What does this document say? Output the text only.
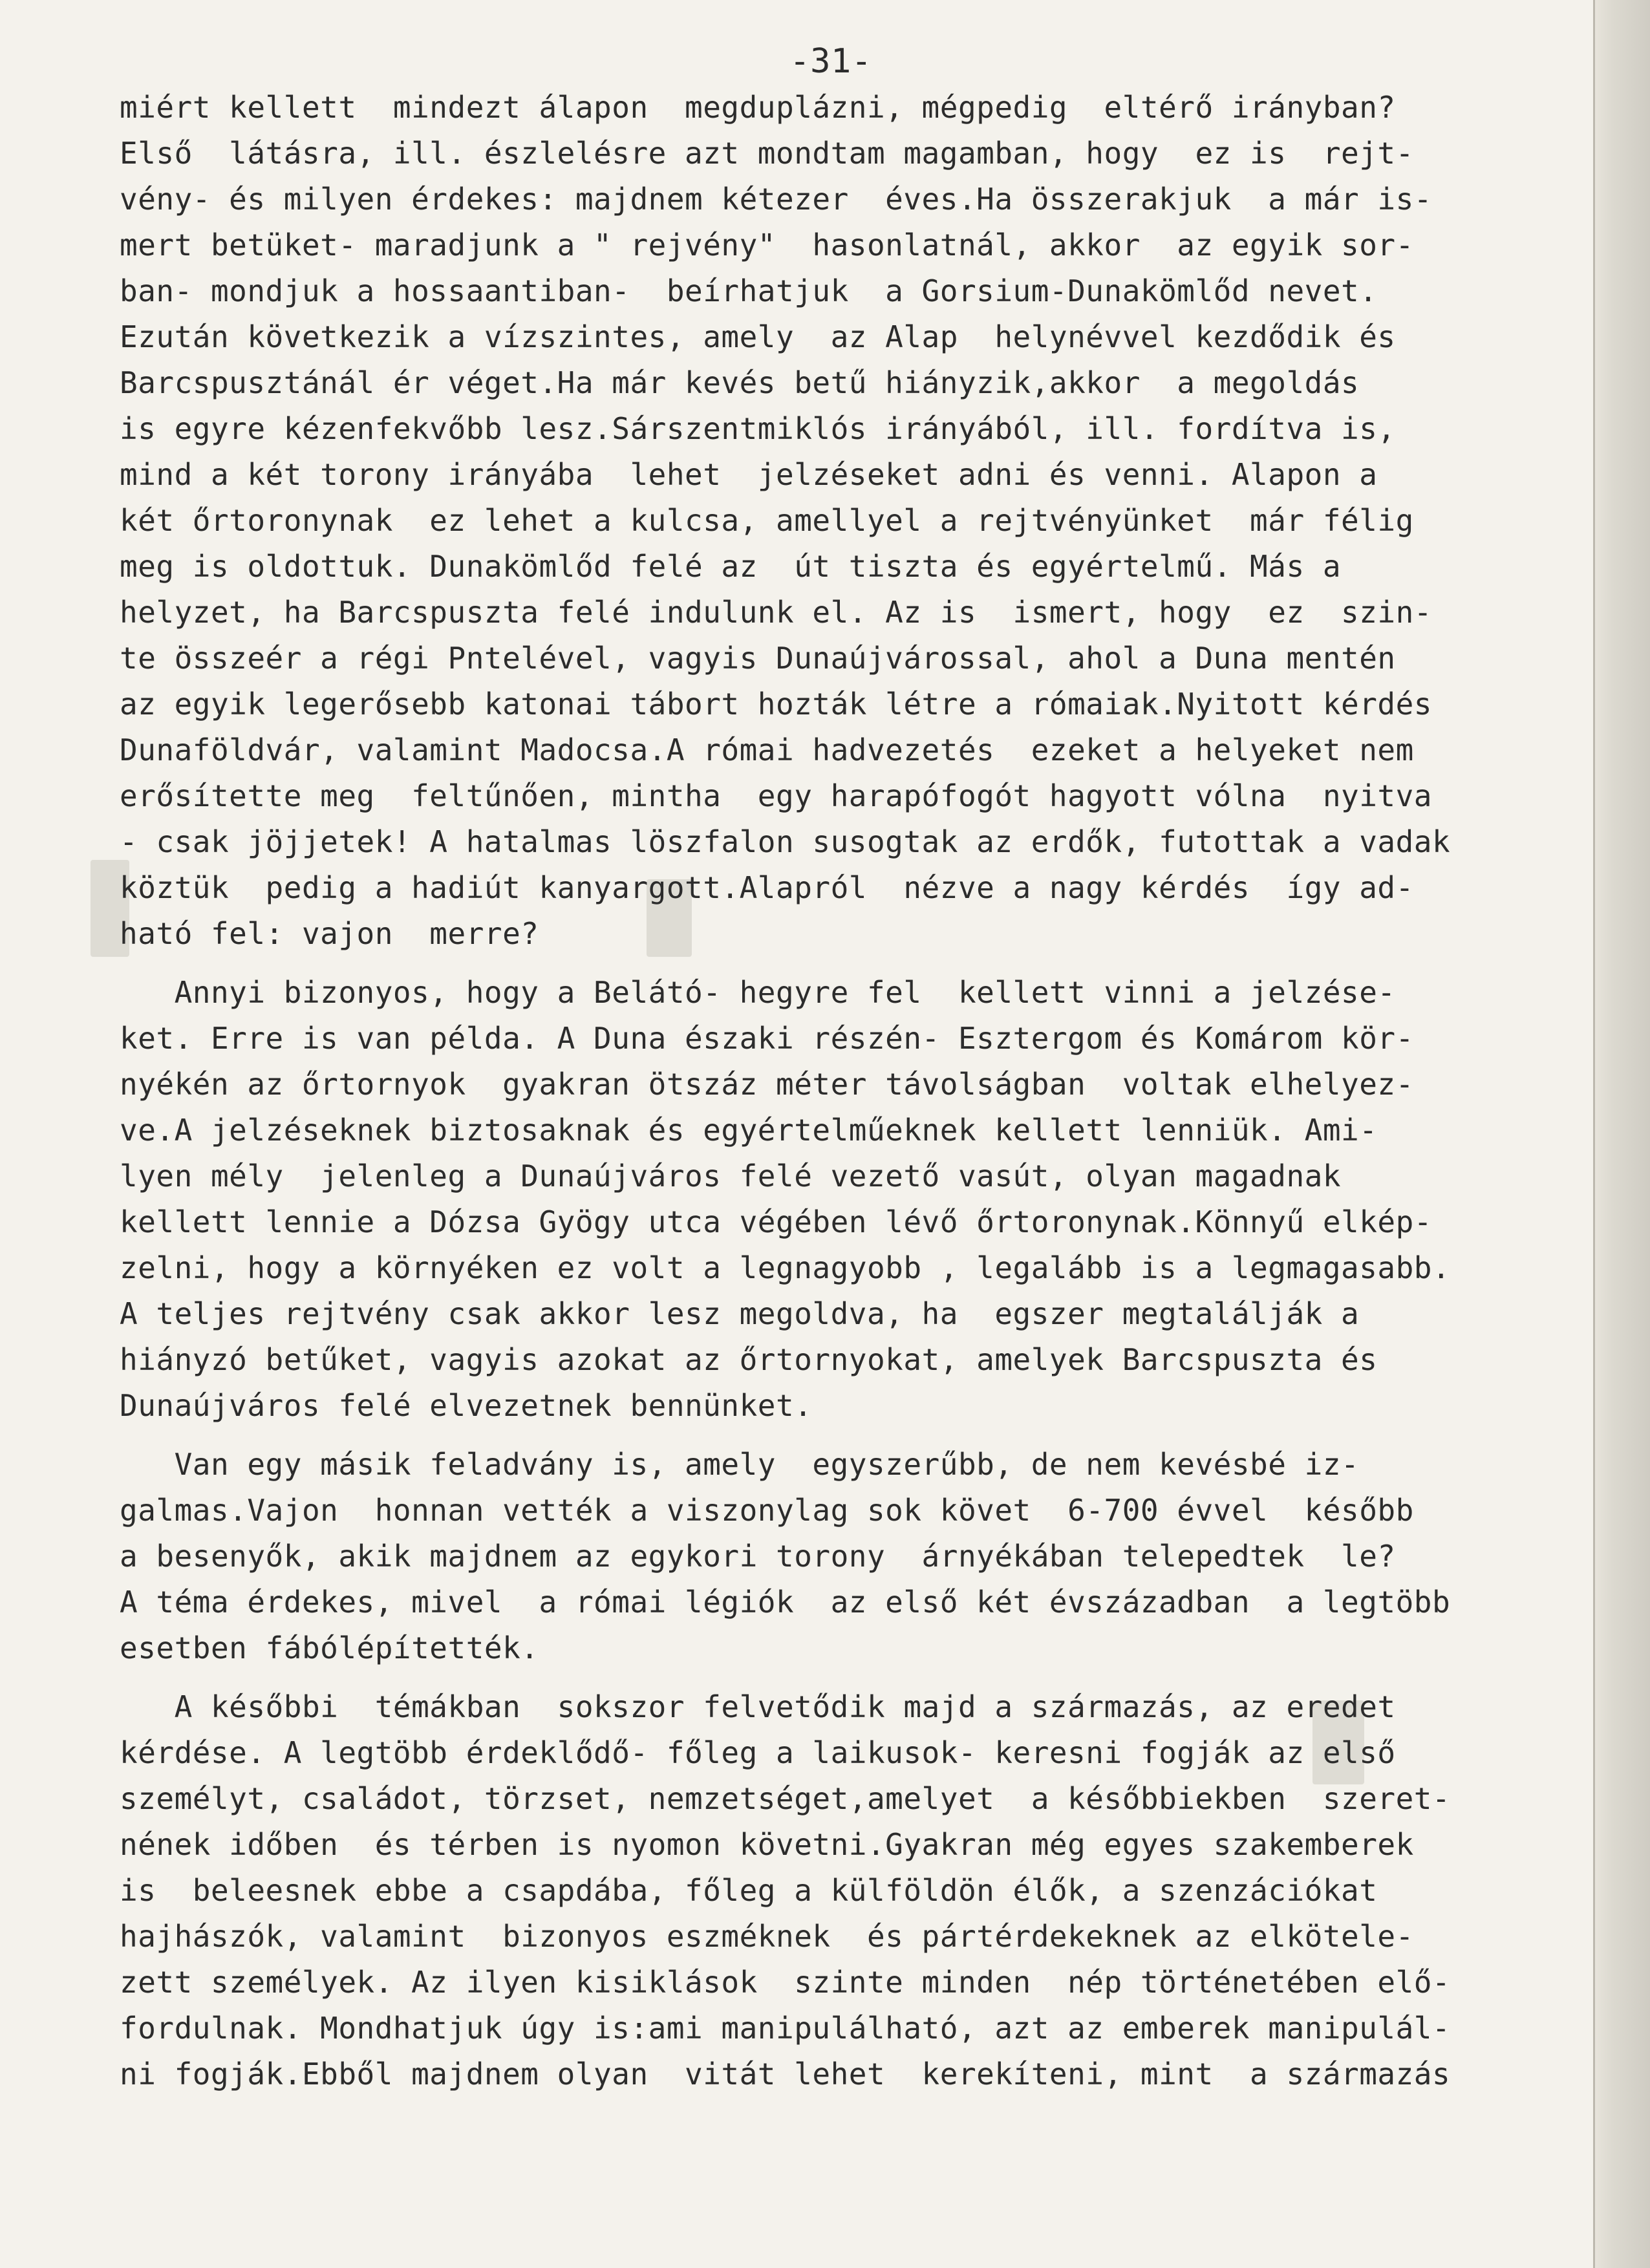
-31-
miért kellett  mindezt álapon  megduplázni, mégpedig  eltérő irányban?
Első  látásra, ill. észlelésre azt mondtam magamban, hogy  ez is  rejt-
vény- és milyen érdekes: majdnem kétezer  éves.Ha összerakjuk  a már is-
mert betüket- maradjunk a " rejvény"  hasonlatnál, akkor  az egyik sor-
ban- mondjuk a hossaantiban-  beírhatjuk  a Gorsium-Dunakömlőd nevet.
Ezután következik a vízszintes, amely  az Alap  helynévvel kezdődik és
Barcspusztánál ér véget.Ha már kevés betű hiányzik,akkor  a megoldás
is egyre kézenfekvőbb lesz.Sárszentmiklós irányából, ill. fordítva is,
mind a két torony irányába  lehet  jelzéseket adni és venni. Alapon a
két őrtoronynak  ez lehet a kulcsa, amellyel a rejtvényünket  már félig
meg is oldottuk. Dunakömlőd felé az  út tiszta és egyértelmű. Más a
helyzet, ha Barcspuszta felé indulunk el. Az is  ismert, hogy  ez  szin-
te összeér a régi Pntelével, vagyis Dunaújvárossal, ahol a Duna mentén
az egyik legerősebb katonai tábort hozták létre a rómaiak.Nyitott kérdés
Dunaföldvár, valamint Madocsa.A római hadvezetés  ezeket a helyeket nem
erősítette meg  feltűnően, mintha  egy harapófogót hagyott vólna  nyitva
- csak jöjjetek! A hatalmas löszfalon susogtak az erdők, futottak a vadak
köztük  pedig a hadiút kanyargott.Alapról  nézve a nagy kérdés  így ad-
ható fel: vajon  merre?
Annyi bizonyos, hogy a Belátó- hegyre fel  kellett vinni a jelzése-
ket. Erre is van példa. A Duna északi részén- Esztergom és Komárom kör-
nyékén az őrtornyok  gyakran ötszáz méter távolságban  voltak elhelyez-
ve.A jelzéseknek biztosaknak és egyértelműeknek kellett lenniük. Ami-
lyen mély  jelenleg a Dunaújváros felé vezető vasút, olyan magadnak
kellett lennie a Dózsa Gyögy utca végében lévő őrtoronynak.Könnyű elkép-
zelni, hogy a környéken ez volt a legnagyobb , legalább is a legmagasabb.
A teljes rejtvény csak akkor lesz megoldva, ha  egszer megtalálják a
hiányzó betűket, vagyis azokat az őrtornyokat, amelyek Barcspuszta és
Dunaújváros felé elvezetnek bennünket.
Van egy másik feladvány is, amely  egyszerűbb, de nem kevésbé iz-
galmas.Vajon  honnan vették a viszonylag sok követ  6-700 évvel  később
a besenyők, akik majdnem az egykori torony  árnyékában telepedtek  le?
A téma érdekes, mivel  a római légiók  az első két évszázadban  a legtöbb
esetben fábólépítették.
A későbbi  témákban  sokszor felvetődik majd a származás, az eredet
kérdése. A legtöbb érdeklődő- főleg a laikusok- keresni fogják az első
személyt, családot, törzset, nemzetséget,amelyet  a későbbiekben  szeret-
nének időben  és térben is nyomon követni.Gyakran még egyes szakemberek
is  beleesnek ebbe a csapdába, főleg a külföldön élők, a szenzációkat
hajhászók, valamint  bizonyos eszméknek  és pártérdekeknek az elkötele-
zett személyek. Az ilyen kisiklások  szinte minden  nép történetében elő-
fordulnak. Mondhatjuk úgy is:ami manipulálható, azt az emberek manipulál-
ni fogják.Ebből majdnem olyan  vitát lehet  kerekíteni, mint  a származás
